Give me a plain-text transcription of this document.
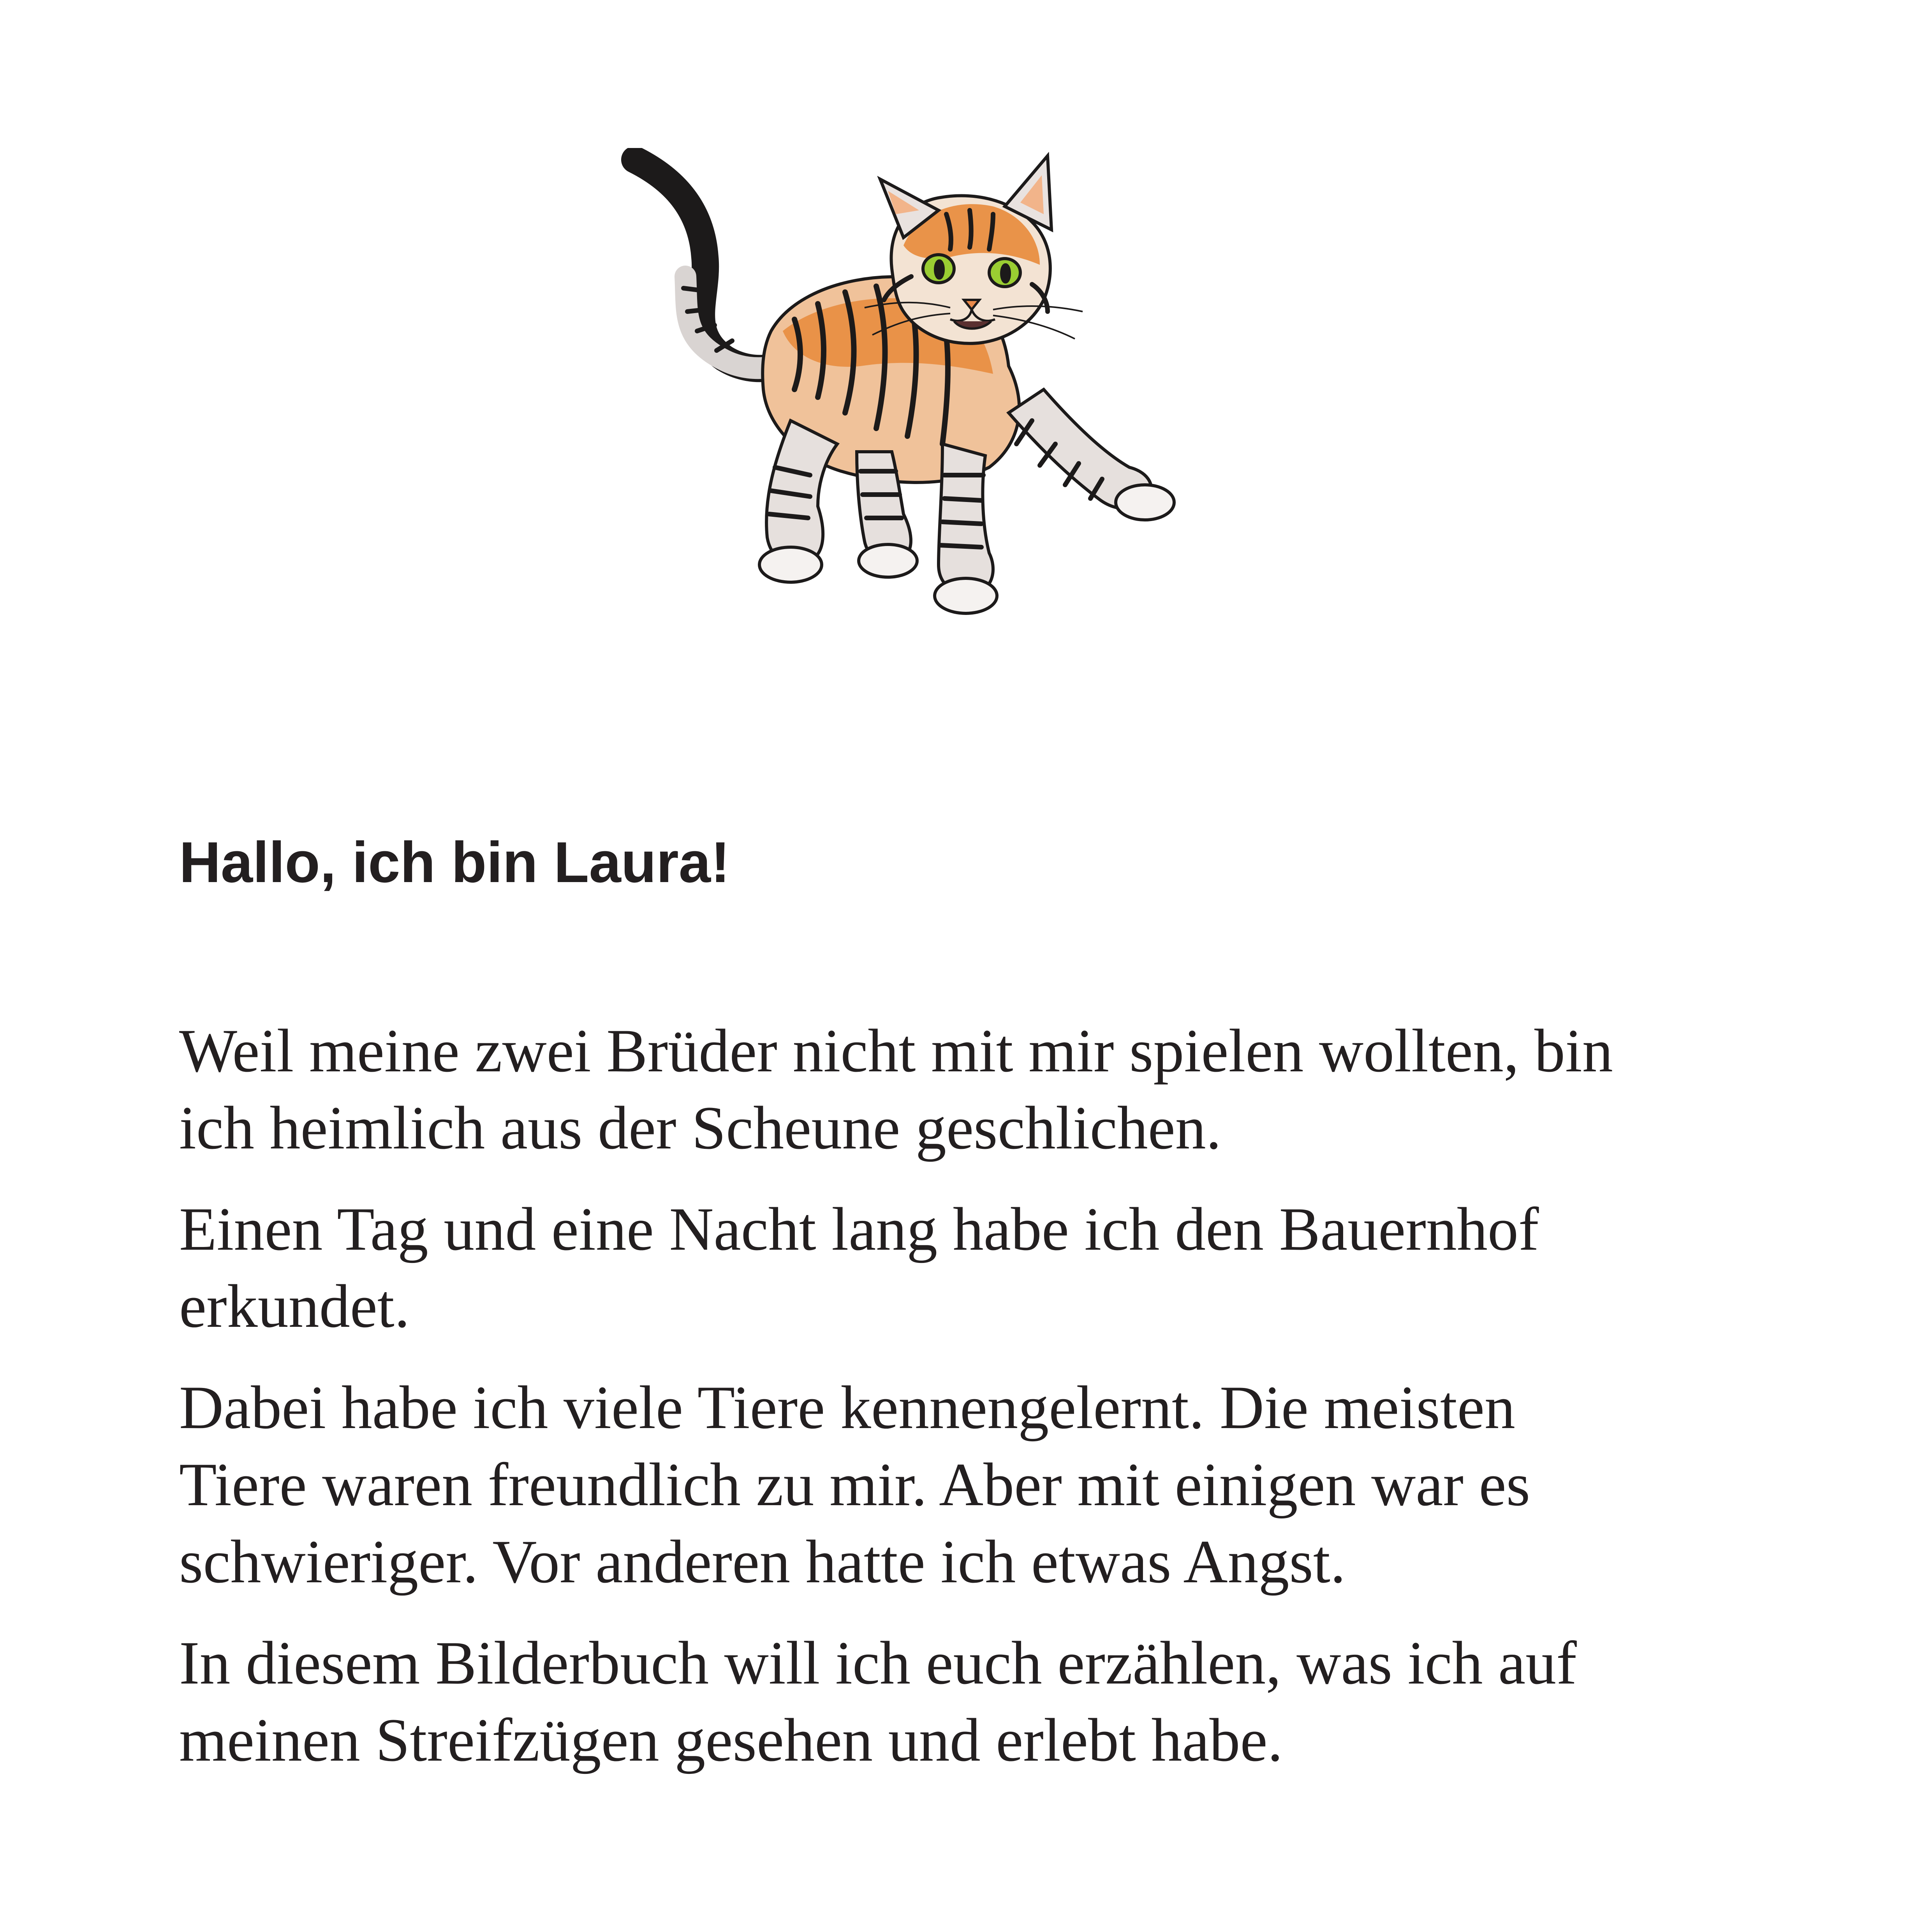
Hallo, ich bin Laura!

Weil meine zwei Brüder nicht mit mir spielen wollten, bin
ich heimlich aus der Scheune geschlichen.

Einen Tag und eine Nacht lang habe ich den Bauernhof
erkundet.

Dabei habe ich viele Tiere kennengelernt. Die meisten
Tiere waren freundlich zu mir. Aber mit einigen war es
schwieriger. Vor anderen hatte ich etwas Angst.

In diesem Bilderbuch will ich euch erzählen, was ich auf
meinen Streifzügen gesehen und erlebt habe.
